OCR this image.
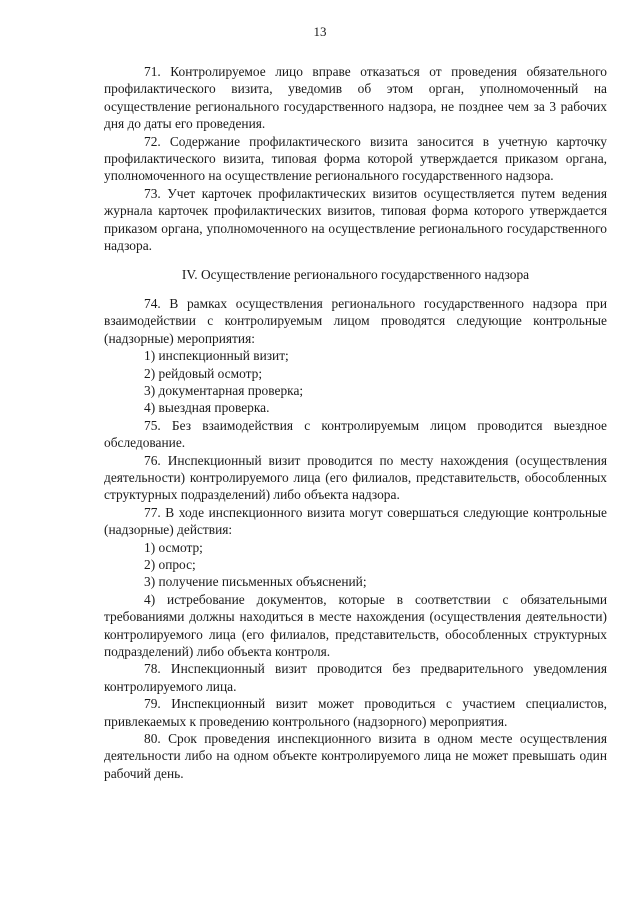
13

71. Контролируемое лицо вправе отказаться от проведения обязательного профилактического визита, уведомив об этом орган, уполномоченный на осуществление регионального государственного надзора, не позднее чем за 3 рабочих дня до даты его проведения.

72. Содержание профилактического визита заносится в учетную карточку профилактического визита, типовая форма которой утверждается приказом органа, уполномоченного на осуществление регионального государственного надзора.

73. Учет карточек профилактических визитов осуществляется путем ведения журнала карточек профилактических визитов, типовая форма которого утверждается приказом органа, уполномоченного на осуществление регионального государственного надзора.

IV. Осуществление регионального государственного надзора

74. В рамках осуществления регионального государственного надзора при взаимодействии с контролируемым лицом проводятся следующие контрольные (надзорные) мероприятия:

1) инспекционный визит;

2) рейдовый осмотр;

3) документарная проверка;

4) выездная проверка.

75. Без взаимодействия с контролируемым лицом проводится выездное обследование.

76. Инспекционный визит проводится по месту нахождения (осуществления деятельности) контролируемого лица (его филиалов, представительств, обособленных структурных подразделений) либо объекта надзора.

77. В ходе инспекционного визита могут совершаться следующие контрольные (надзорные) действия:

1) осмотр;

2) опрос;

3) получение письменных объяснений;

4) истребование документов, которые в соответствии с обязательными требованиями должны находиться в месте нахождения (осуществления деятельности) контролируемого лица (его филиалов, представительств, обособленных структурных подразделений) либо объекта контроля.

78. Инспекционный визит проводится без предварительного уведомления контролируемого лица.

79. Инспекционный визит может проводиться с участием специалистов, привлекаемых к проведению контрольного (надзорного) мероприятия.

80. Срок проведения инспекционного визита в одном месте осуществления деятельности либо на одном объекте контролируемого лица не может превышать один рабочий день.
